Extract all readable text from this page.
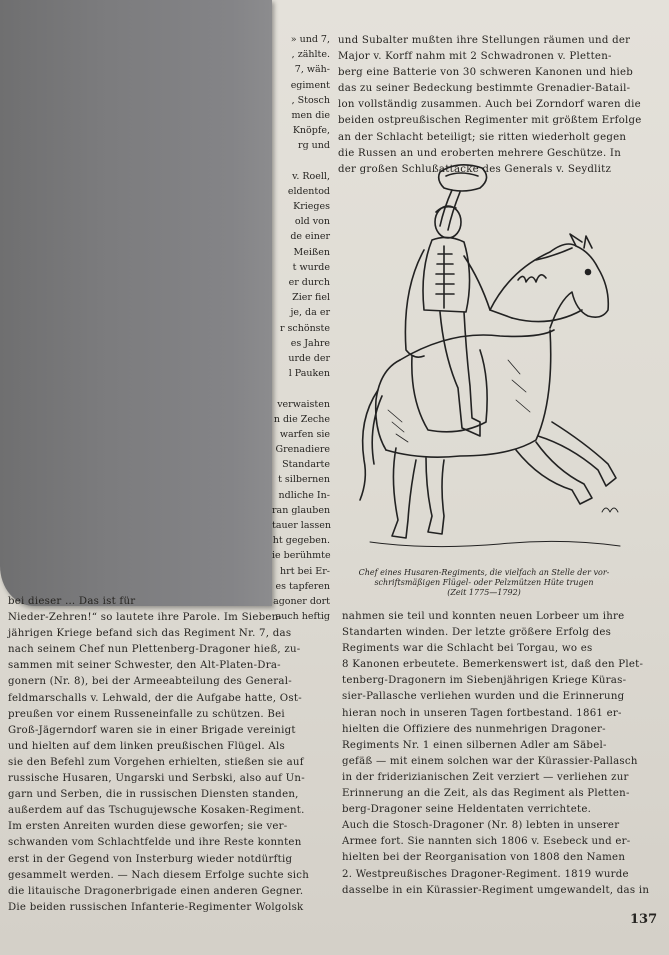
» und 7,
, zählte.
7, wäh-
egiment
, Stosch
men die
Knöpfe,
rg und
v. Roell,
eldentod
Krieges
old von
de einer
Meißen
t wurde
er durch
Zier fiel
je, da er
r schönste
es Jahre
urde der
l Pauken
verwaisten
n die Zeche
warfen sie
Grenadiere
Standarte
t silbernen
ndliche In-
ran glauben
tauer lassen
ht gegeben.
ie berühmte
hrt bei Er-
es tapferen
agoner dort
auch heftig
und Subalter mußten ihre Stellungen räumen und der
Major v. Korff nahm mit 2 Schwadronen v. Pletten-
berg eine Batterie von 30 schweren Kanonen und hieb
das zu seiner Bedeckung bestimmte Grenadier-Batail-
lon vollständig zusammen. Auch bei Zorndorf waren die
beiden ostpreußischen Regimenter mit größtem Erfolge
an der Schlacht beteiligt; sie ritten wiederholt gegen
die Russen an und eroberten mehrere Geschütze. In
der großen Schlußattacke des Generals v. Seydlitz
Chef eines Husaren-Regiments, die vielfach an Stelle der vor-
schriftsmäßigen Flügel- oder Pelzmützen Hüte trugen
(Zeit 1775—1792)
bei dieser … Das ist für
Nieder-Zehren!“ so lautete ihre Parole. Im Sieben-
jährigen Kriege befand sich das Regiment Nr. 7, das
nach seinem Chef nun Plettenberg-Dragoner hieß, zu-
sammen mit seiner Schwester, den Alt-Platen-Dra-
gonern (Nr. 8), bei der Armeeabteilung des General-
feldmarschalls v. Lehwald, der die Aufgabe hatte, Ost-
preußen vor einem Russeneinfalle zu schützen. Bei
Groß-Jägerndorf waren sie in einer Brigade vereinigt
und hielten auf dem linken preußischen Flügel. Als
sie den Befehl zum Vorgehen erhielten, stießen sie auf
russische Husaren, Ungarski und Serbski, also auf Un-
garn und Serben, die in russischen Diensten standen,
außerdem auf das Tschugujewsche Kosaken-Regiment.
Im ersten Anreiten wurden diese geworfen; sie ver-
schwanden vom Schlachtfelde und ihre Reste konnten
erst in der Gegend von Insterburg wieder notdürftig
gesammelt werden. — Nach diesem Erfolge suchte sich
die litauische Dragonerbrigade einen anderen Gegner.
Die beiden russischen Infanterie-Regimenter Wolgolsk
nahmen sie teil und konnten neuen Lorbeer um ihre
Standarten winden. Der letzte größere Erfolg des
Regiments war die Schlacht bei Torgau, wo es
8 Kanonen erbeutete. Bemerkenswert ist, daß den Plet-
tenberg-Dragonern im Siebenjährigen Kriege Küras-
sier-Pallasche verliehen wurden und die Erinnerung
hieran noch in unseren Tagen fortbestand. 1861 er-
hielten die Offiziere des nunmehrigen Dragoner-
Regiments Nr. 1 einen silbernen Adler am Säbel-
gefäß — mit einem solchen war der Kürassier-Pallasch
in der friderizianischen Zeit verziert — verliehen zur
Erinnerung an die Zeit, als das Regiment als Pletten-
berg-Dragoner seine Heldentaten verrichtete.
Auch die Stosch-Dragoner (Nr. 8) lebten in unserer
Armee fort. Sie nannten sich 1806 v. Esebeck und er-
hielten bei der Reorganisation von 1808 den Namen
2. Westpreußisches Dragoner-Regiment. 1819 wurde
dasselbe in ein Kürassier-Regiment umgewandelt, das in
137
